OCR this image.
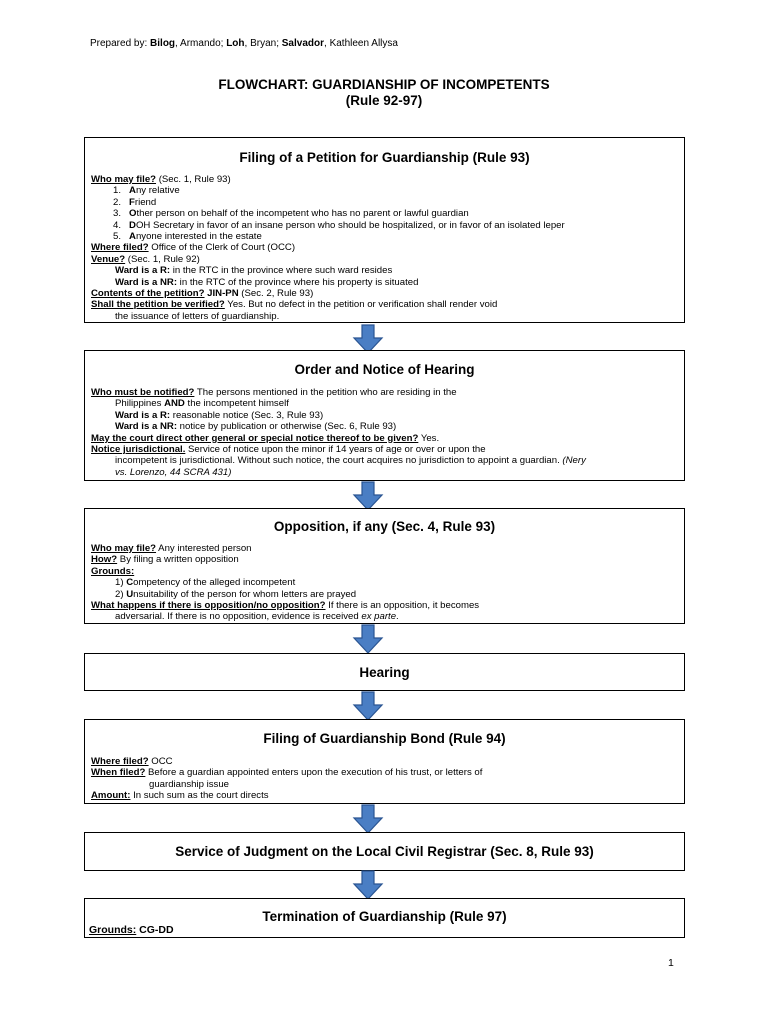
Prepared by: Bilog, Armando; Loh, Bryan; Salvador, Kathleen Allysa
FLOWCHART: GUARDIANSHIP OF INCOMPETENTS
(Rule 92-97)
Filing of a Petition for Guardianship (Rule 93)
Who may file? (Sec. 1, Rule 93)
1. Any relative
2. Friend
3. Other person on behalf of the incompetent who has no parent or lawful guardian
4. DOH Secretary in favor of an insane person who should be hospitalized, or in favor of an isolated leper
5. Anyone interested in the estate
Where filed? Office of the Clerk of Court (OCC)
Venue? (Sec. 1, Rule 92)
Ward is a R: in the RTC in the province where such ward resides
Ward is a NR: in the RTC of the province where his property is situated
Contents of the petition? JIN-PN (Sec. 2, Rule 93)
Shall the petition be verified? Yes. But no defect in the petition or verification shall render void
the issuance of letters of guardianship.
Order and Notice of Hearing
Who must be notified? The persons mentioned in the petition who are residing in the
Philippines AND the incompetent himself
Ward is a R: reasonable notice (Sec. 3, Rule 93)
Ward is a NR: notice by publication or otherwise (Sec. 6, Rule 93)
May the court direct other general or special notice thereof to be given? Yes.
Notice jurisdictional. Service of notice upon the minor if 14 years of age or over or upon the
incompetent is jurisdictional. Without such notice, the court acquires no jurisdiction to appoint a guardian. (Nery
vs. Lorenzo, 44 SCRA 431)
Opposition, if any (Sec. 4, Rule 93)
Who may file? Any interested person
How? By filing a written opposition
Grounds:
1) Competency of the alleged incompetent
2) Unsuitability of the person for whom letters are prayed
What happens if there is opposition/no opposition? If there is an opposition, it becomes
adversarial. If there is no opposition, evidence is received ex parte.
Hearing
Filing of Guardianship Bond (Rule 94)
Where filed? OCC
When filed? Before a guardian appointed enters upon the execution of his trust, or letters of
guardianship issue
Amount: In such sum as the court directs
Service of Judgment on the Local Civil Registrar (Sec. 8, Rule 93)
Termination of Guardianship (Rule 97)
Grounds: CG-DD
1
